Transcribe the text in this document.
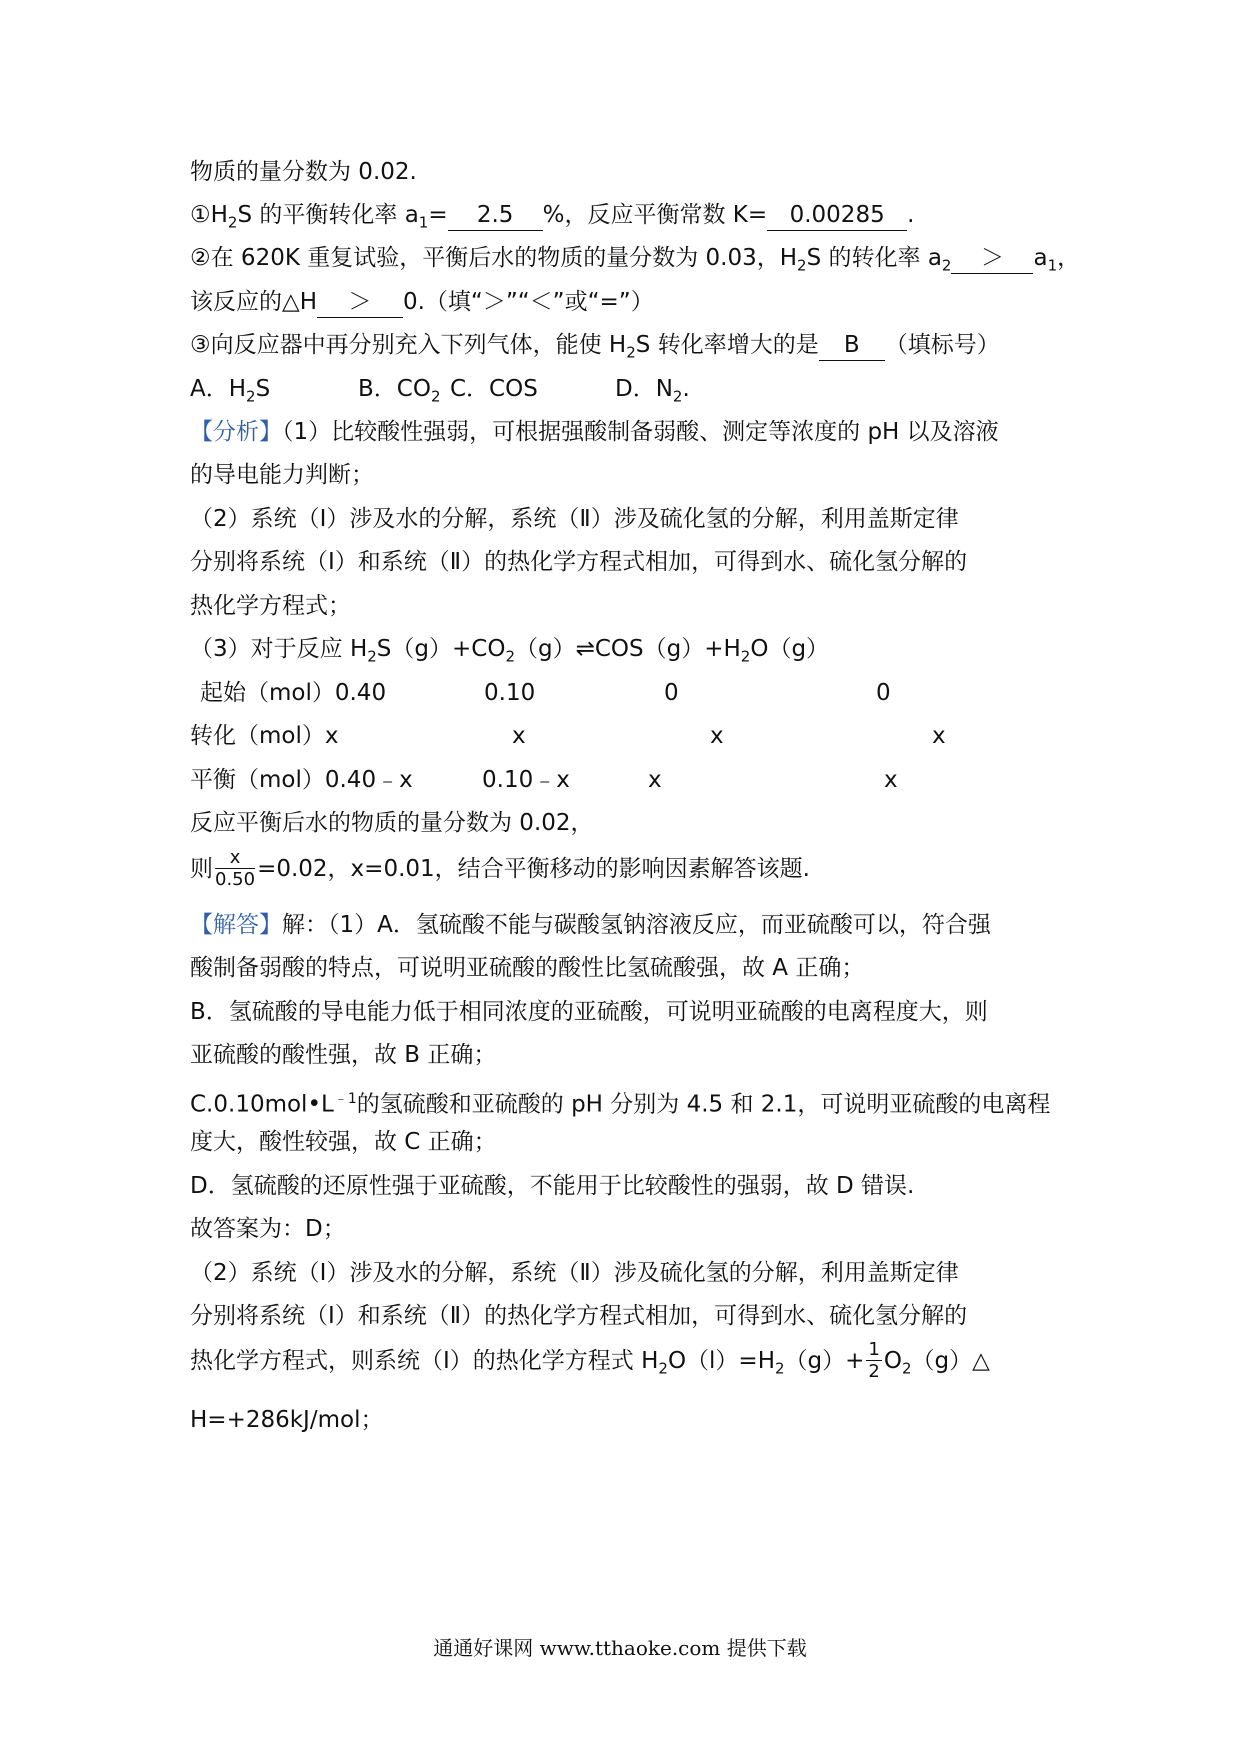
物质的量分数为 0.02.
$①H_2S$ 的平衡转化率 $a_1= 2.5$ %，反应平衡常数 K= 0.00285 .
②在 620K 重复试验，平衡后水的物质的量分数为 0.03，$H_2S$ 的转化率 $a_2 > a_1$，
该反应的△H ＞ 0.（填“＞”“＜”或“=”）
③向反应器中再分别充入下列气体，能使 $H_2S$ 转化率增大的是 B （填标号）
A．$H_2S$	B．$CO_2$ C．COS	D．$N_2$.
【分析】（1）比较酸性强弱，可根据强酸制备弱酸、测定等浓度的 pH 以及溶液
的导电能力判断；
（2）系统（Ⅰ）涉及水的分解，系统（Ⅱ）涉及硫化氢的分解，利用盖斯定律
分别将系统（Ⅰ）和系统（Ⅱ）的热化学方程式相加，可得到水、硫化氢分解的
热化学方程式；
（3）对于反应 $H_2S(g)+CO_2(g)\rightleftharpoons COS(g)+H_2O(g)$
起始（mol）0.40	0.10	0	0
转化（mol）x	x	x	x
平衡（mol）0.40﹣x	0.10﹣x	x	x
反应平衡后水的物质的量分数为 0.02，
则 $\frac{x}{0.50} =0.02$，x=0.01，结合平衡移动的影响因素解答该题.
【解答】解：（1）A．氢硫酸不能与碳酸氢钠溶液反应，而亚硫酸可以，符合强
酸制备弱酸的特点，可说明亚硫酸的酸性比氢硫酸强，故 A 正确；
B．氢硫酸的导电能力低于相同浓度的亚硫酸，可说明亚硫酸的电离程度大，则
亚硫酸的酸性强，故 B 正确；
$C.0.10mol•L^{﹣1}$的氢硫酸和亚硫酸的 pH 分别为 4.5 和 2.1，可说明亚硫酸的电离程
度大，酸性较强，故 C 正确；
D．氢硫酸的还原性强于亚硫酸，不能用于比较酸性的强弱，故 D 错误.
故答案为：D；
（2）系统（Ⅰ）涉及水的分解，系统（Ⅱ）涉及硫化氢的分解，利用盖斯定律
分别将系统（Ⅰ）和系统（Ⅱ）的热化学方程式相加，可得到水、硫化氢分解的
热化学方程式，则系统（I）的热化学方程式 $H_2O(l)=H_2(g)+ \frac{1}{2}$ $O_2(g)\triangle$
H=+286kJ/mol；
通通好课网 www.tthaoke.com 提供下载
